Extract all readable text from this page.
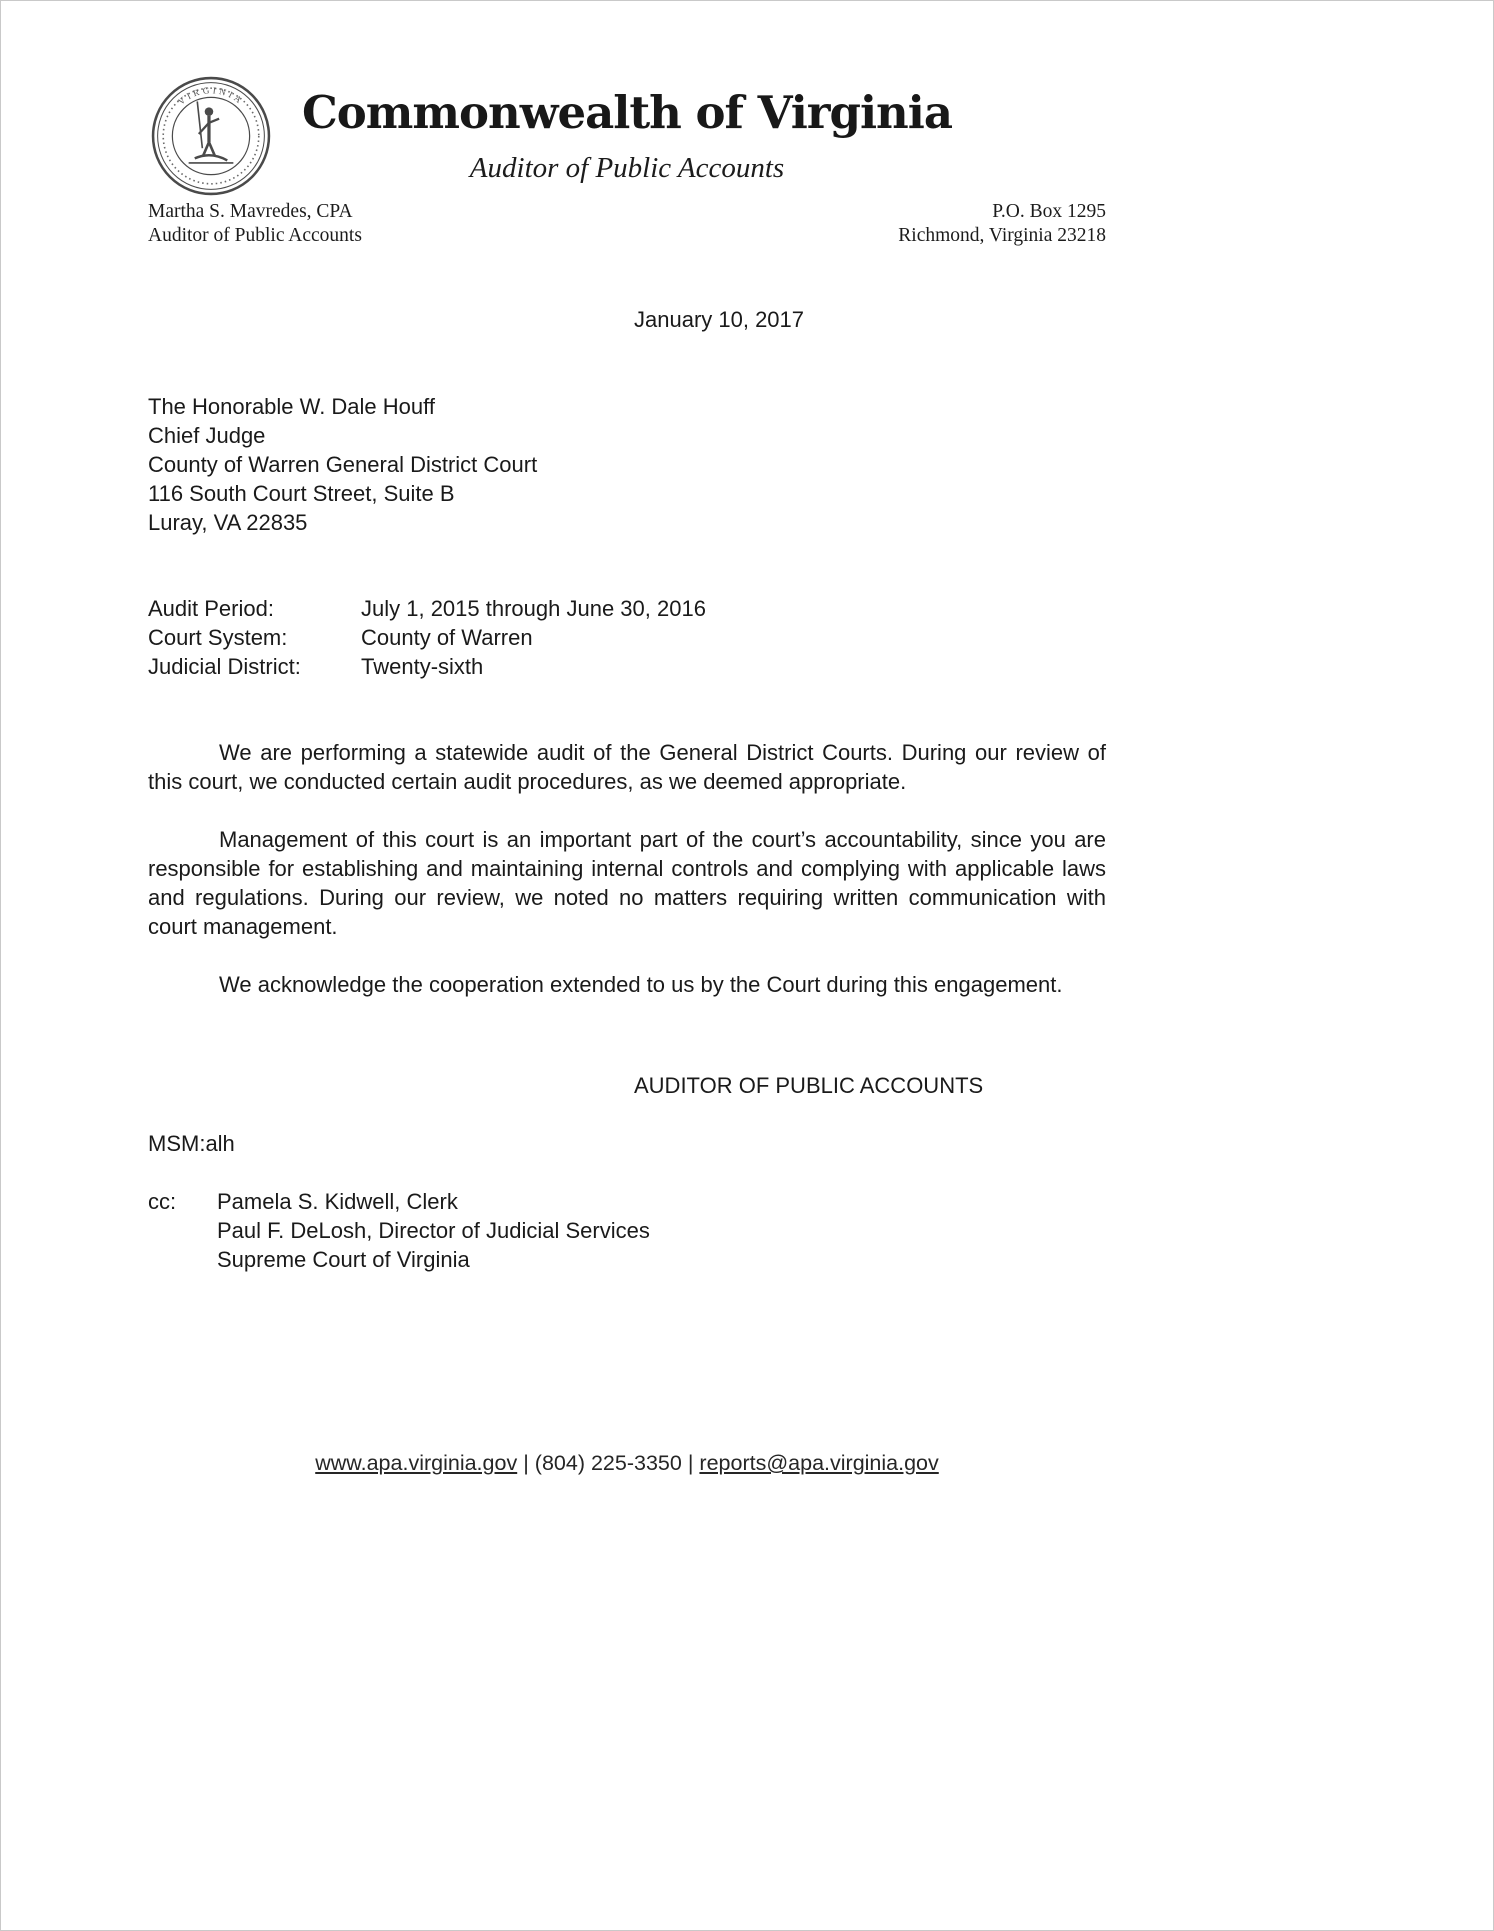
VIRGINIA	Commonwealth of Virginia
Auditor of Public Accounts
Martha S. Mavredes, CPA
Auditor of Public Accounts
P.O. Box 1295
Richmond, Virginia 23218
January 10, 2017
The Honorable W. Dale Houff
Chief Judge
County of Warren General District Court
116 South Court Street, Suite B
Luray, VA 22835
Audit Period:	July 1, 2015 through June 30, 2016
Court System:	County of Warren
Judicial District:	Twenty-sixth

We are performing a statewide audit of the General District Courts. During our review of this court, we conducted certain audit procedures, as we deemed appropriate.

Management of this court is an important part of the court’s accountability, since you are responsible for establishing and maintaining internal controls and complying with applicable laws and regulations. During our review, we noted no matters requiring written communication with court management.

We acknowledge the cooperation extended to us by the Court during this engagement.

AUDITOR OF PUBLIC ACCOUNTS
MSM:alh
cc:	Pamela S. Kidwell, Clerk
Paul F. DeLosh, Director of Judicial Services
Supreme Court of Virginia
www.apa.virginia.gov | (804) 225-3350 | reports@apa.virginia.gov
